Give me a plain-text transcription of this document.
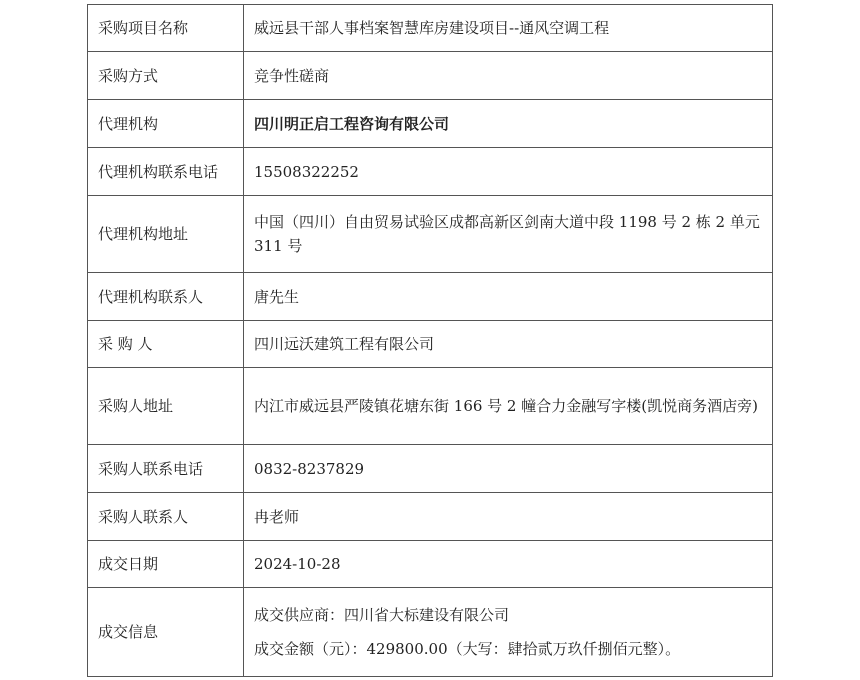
采购项目名称	威远县干部人事档案智慧库房建设项目--通风空调工程
采购方式	竞争性磋商
代理机构	四川明正启工程咨询有限公司
代理机构联系电话	15508322252
代理机构地址	中国（四川）自由贸易试验区成都高新区剑南大道中段 1198 号 2 栋 2 单元 311 号
代理机构联系人	唐先生
采 购 人	四川远沃建筑工程有限公司
采购人地址	内江市威远县严陵镇花塘东街 166 号 2 幢合力金融写字楼(凯悦商务酒店旁)
采购人联系电话	0832-8237829
采购人联系人	冉老师
成交日期	2024-10-28
成交信息	成交供应商：四川省大标建设有限公司
成交金额（元）：429800.00（大写：肆拾贰万玖仟捌佰元整）。
